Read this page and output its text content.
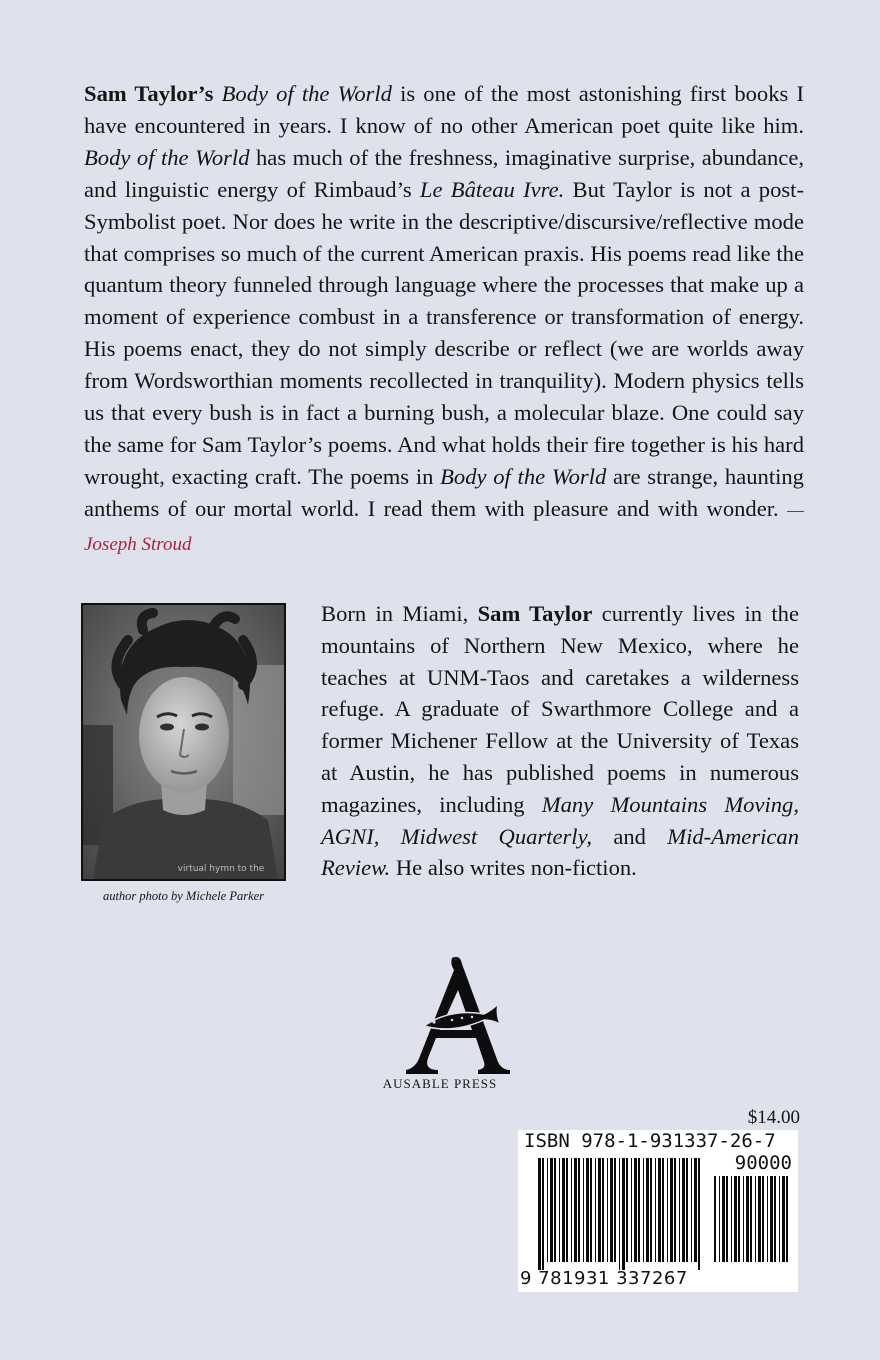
Sam Taylor’s Body of the World is one of the most astonishing first books I have encountered in years. I know of no other American poet quite like him. Body of the World has much of the freshness, imaginative surprise, abundance, and linguistic energy of Rimbaud’s Le Bâteau Ivre. But Taylor is not a post-Symbolist poet. Nor does he write in the descriptive/discursive/reflective mode that comprises so much of the current American praxis. His poems read like the quantum theory funneled through language where the processes that make up a moment of experience combust in a transference or transformation of energy. His poems enact, they do not simply describe or reflect (we are worlds away from Wordsworthian moments recollected in tranquility). Modern physics tells us that every bush is in fact a burning bush, a molecular blaze. One could say the same for Sam Taylor’s poems. And what holds their fire together is his hard wrought, exacting craft. The poems in Body of the World are strange, haunting anthems of our mortal world. I read them with pleasure and with wonder. —Joseph Stroud

virtual hymn to the

author photo by Michele Parker

Born in Miami, Sam Taylor currently lives in the mountains of Northern New Mexico, where he teaches at UNM-Taos and caretakes a wilderness refuge. A graduate of Swarthmore College and a former Michener Fellow at the University of Texas at Austin, he has published poems in numerous magazines, including Many Mountains Moving, AGNI, Midwest Quarterly, and Mid-American Review. He also writes non-fiction.

AUSABLE PRESS

$14.00

ISBN 978-1-931337-26-7

90000

9 781931 337267
